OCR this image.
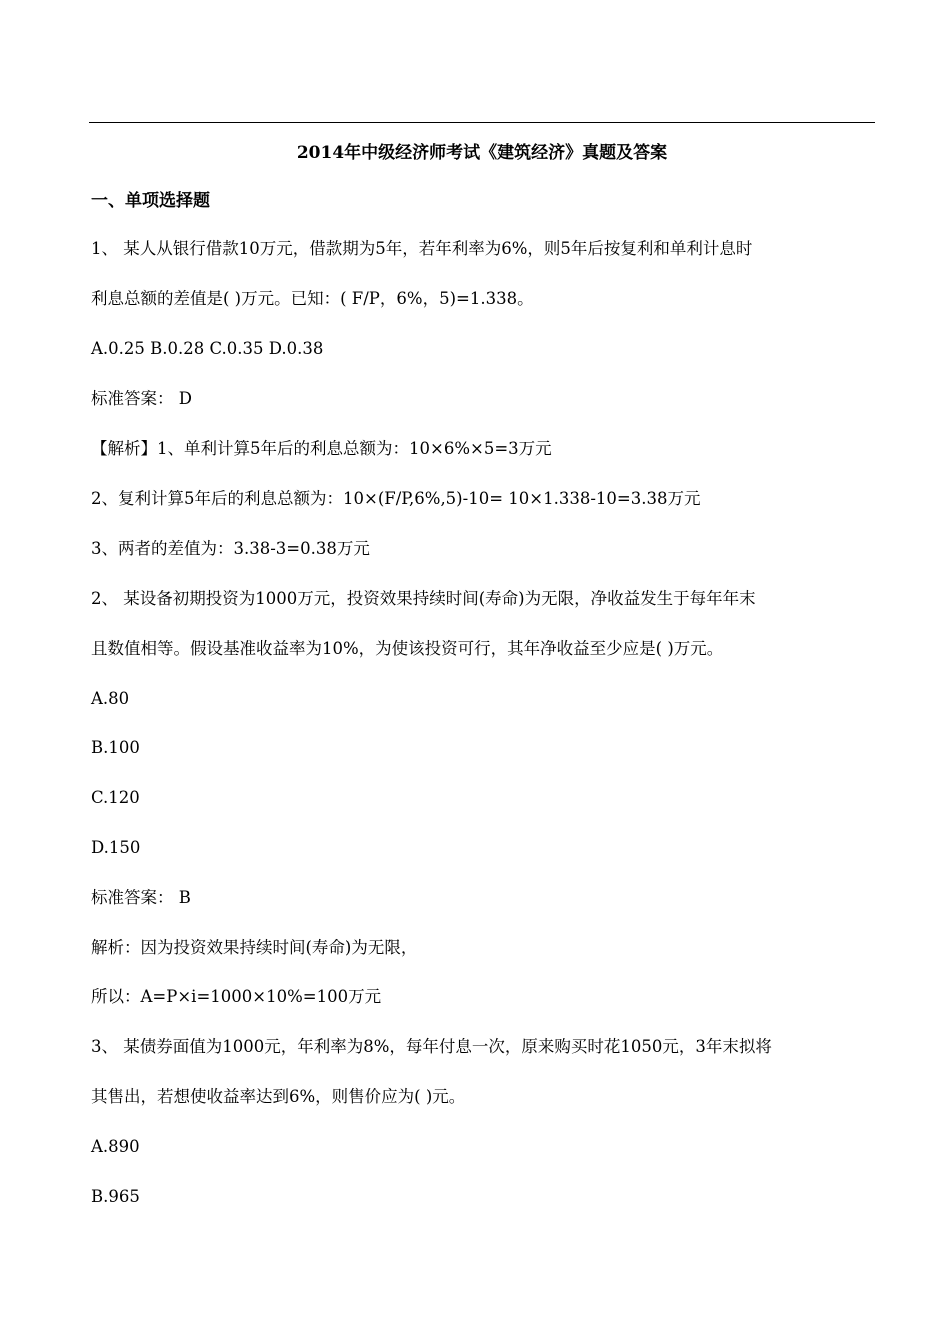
2014年中级经济师考试《建筑经济》真题及答案
一、单项选择题
1、 某人从银行借款10万元，借款期为5年，若年利率为6%，则5年后按复利和单利计息时
利息总额的差值是( )万元。已知：( F/P，6%，5)=1.338。
A.0.25 B.0.28 C.0.35 D.0.38
标准答案： D
【解析】1、单利计算5年后的利息总额为：10×6%×5=3万元
2、复利计算5年后的利息总额为：10×(F/P,6%,5)-10= 10×1.338-10=3.38万元
3、两者的差值为：3.38-3=0.38万元
2、 某设备初期投资为1000万元，投资效果持续时间(寿命)为无限，净收益发生于每年年末
且数值相等。假设基准收益率为10%，为使该投资可行，其年净收益至少应是( )万元。
A.80
B.100
C.120
D.150
标准答案： B
解析：因为投资效果持续时间(寿命)为无限，
所以：A=P×i=1000×10%=100万元
3、 某债券面值为1000元，年利率为8%，每年付息一次，原来购买时花1050元，3年末拟将
其售出，若想使收益率达到6%，则售价应为( )元。
A.890
B.965
